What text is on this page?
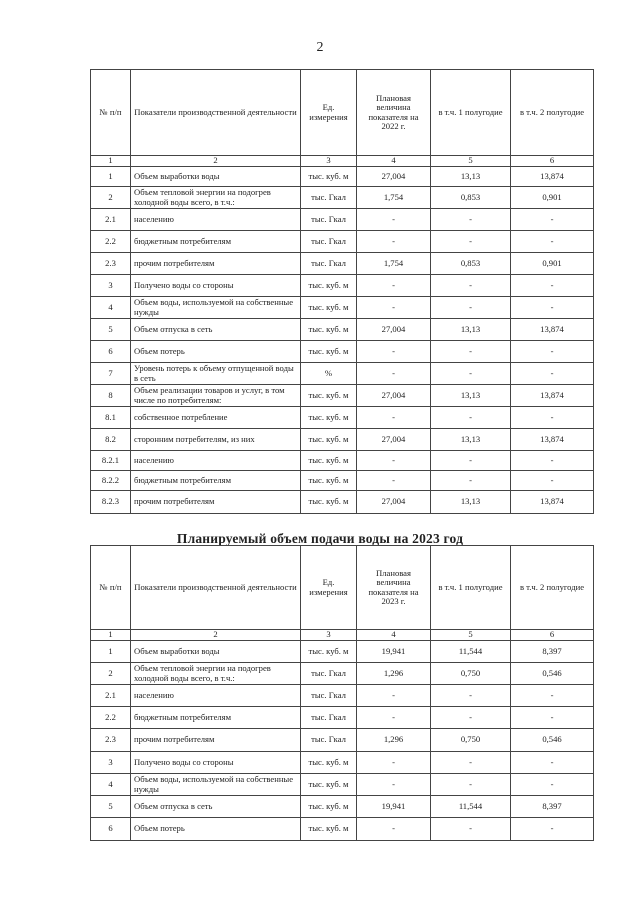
2
№ п/п	Показатели производственной деятельности	Ед. измерения	Плановая величина показателя на 2022 г.	в т.ч. 1 полугодие	в т.ч. 2 полугодие
1	2	3	4	5	6
1	Объем выработки воды	тыс. куб. м	27,004	13,13	13,874
2	Объем тепловой энергии на подогрев холодной воды всего, в т.ч.:	тыс. Гкал	1,754	0,853	0,901
2.1	населению	тыс. Гкал	-	-	-
2.2	бюджетным потребителям	тыс. Гкал	-	-	-
2.3	прочим потребителям	тыс. Гкал	1,754	0,853	0,901
3	Получено воды со стороны	тыс. куб. м	-	-	-
4	Объем воды, используемой на собственные нужды	тыс. куб. м	-	-	-
5	Объем отпуска в сеть	тыс. куб. м	27,004	13,13	13,874
6	Объем потерь	тыс. куб. м	-	-	-
7	Уровень потерь к объему отпущенной воды в сеть	%	-	-	-
8	Объем реализации товаров и услуг, в том числе по потребителям:	тыс. куб. м	27,004	13,13	13,874
8.1	собственное потребление	тыс. куб. м	-	-	-
8.2	сторонним потребителям, из них	тыс. куб. м	27,004	13,13	13,874
8.2.1	населению	тыс. куб. м	-	-	-
8.2.2	бюджетным потребителям	тыс. куб. м	-	-	-
8.2.3	прочим потребителям	тыс. куб. м	27,004	13,13	13,874
Планируемый объем подачи воды на 2023 год
№ п/п	Показатели производственной деятельности	Ед. измерения	Плановая величина показателя на 2023 г.	в т.ч. 1 полугодие	в т.ч. 2 полугодие
1	2	3	4	5	6
1	Объем выработки воды	тыс. куб. м	19,941	11,544	8,397
2	Объем тепловой энергии на подогрев холодной воды всего, в т.ч.:	тыс. Гкал	1,296	0,750	0,546
2.1	населению	тыс. Гкал	-	-	-
2.2	бюджетным потребителям	тыс. Гкал	-	-	-
2.3	прочим потребителям	тыс. Гкал	1,296	0,750	0,546
3	Получено воды со стороны	тыс. куб. м	-	-	-
4	Объем воды, используемой на собственные нужды	тыс. куб. м	-	-	-
5	Объем отпуска в сеть	тыс. куб. м	19,941	11,544	8,397
6	Объем потерь	тыс. куб. м	-	-	-
